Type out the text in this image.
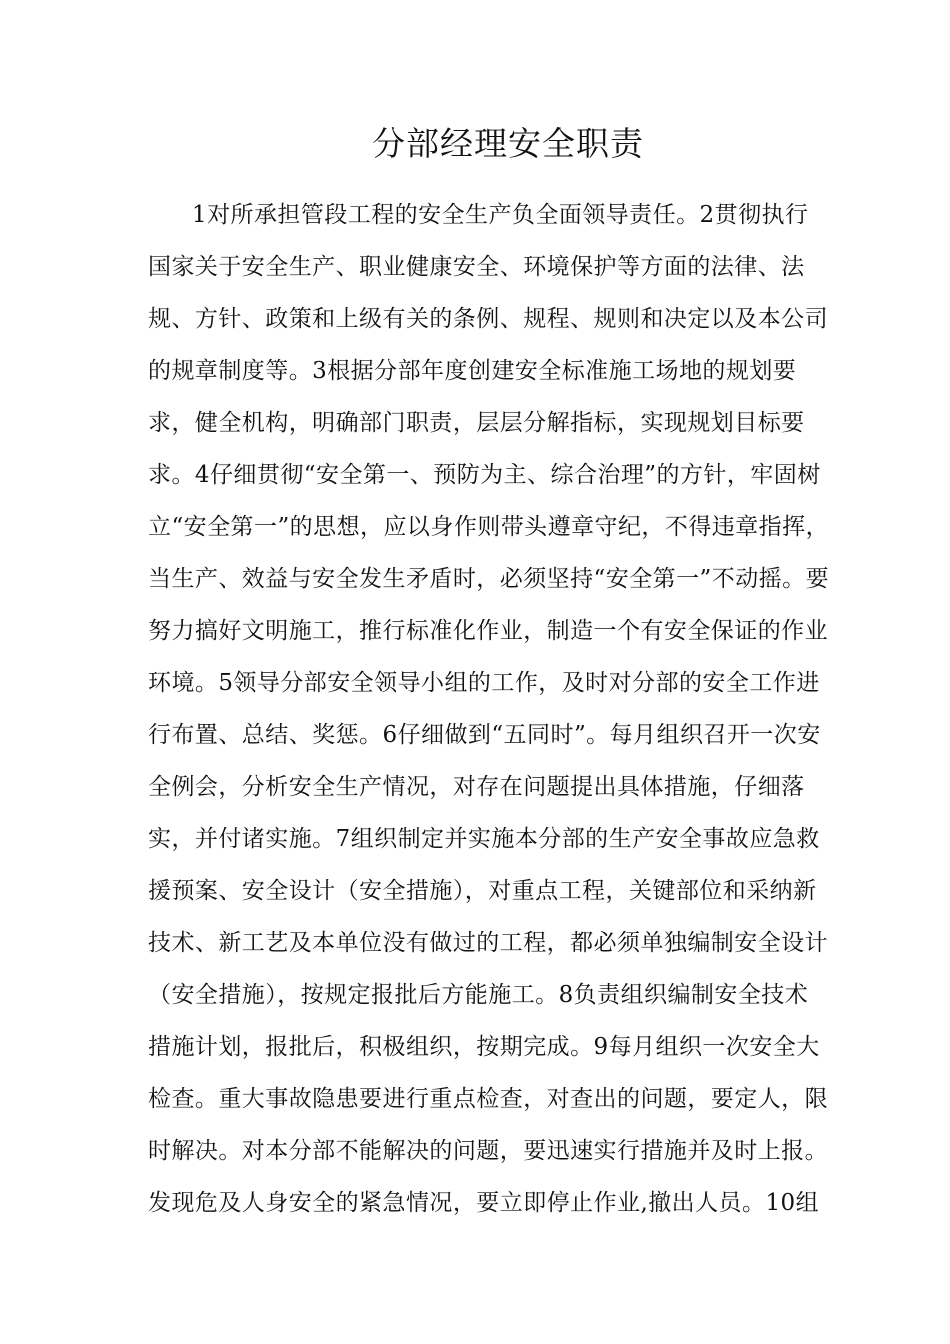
分部经理安全职责
1对所承担管段工程的安全生产负全面领导责任。2贯彻执行
国家关于安全生产、职业健康安全、环境保护等方面的法律、法
规、方针、政策和上级有关的条例、规程、规则和决定以及本公司
的规章制度等。3根据分部年度创建安全标准施工场地的规划要
求，健全机构，明确部门职责，层层分解指标，实现规划目标要
求。4仔细贯彻“安全第一、预防为主、综合治理”的方针，牢固树
立“安全第一”的思想，应以身作则带头遵章守纪，不得违章指挥，
当生产、效益与安全发生矛盾时，必须坚持“安全第一”不动摇。要
努力搞好文明施工，推行标准化作业，制造一个有安全保证的作业
环境。5领导分部安全领导小组的工作，及时对分部的安全工作进
行布置、总结、奖惩。6仔细做到“五同时”。每月组织召开一次安
全例会，分析安全生产情况，对存在问题提出具体措施，仔细落
实，并付诸实施。7组织制定并实施本分部的生产安全事故应急救
援预案、安全设计（安全措施），对重点工程，关键部位和采纳新
技术、新工艺及本单位没有做过的工程，都必须单独编制安全设计
（安全措施），按规定报批后方能施工。8负责组织编制安全技术
措施计划，报批后，积极组织，按期完成。9每月组织一次安全大
检查。重大事故隐患要进行重点检查，对查出的问题，要定人，限
时解决。对本分部不能解决的问题，要迅速实行措施并及时上报。
发现危及人身安全的紧急情况，要立即停止作业,撤出人员。10组
